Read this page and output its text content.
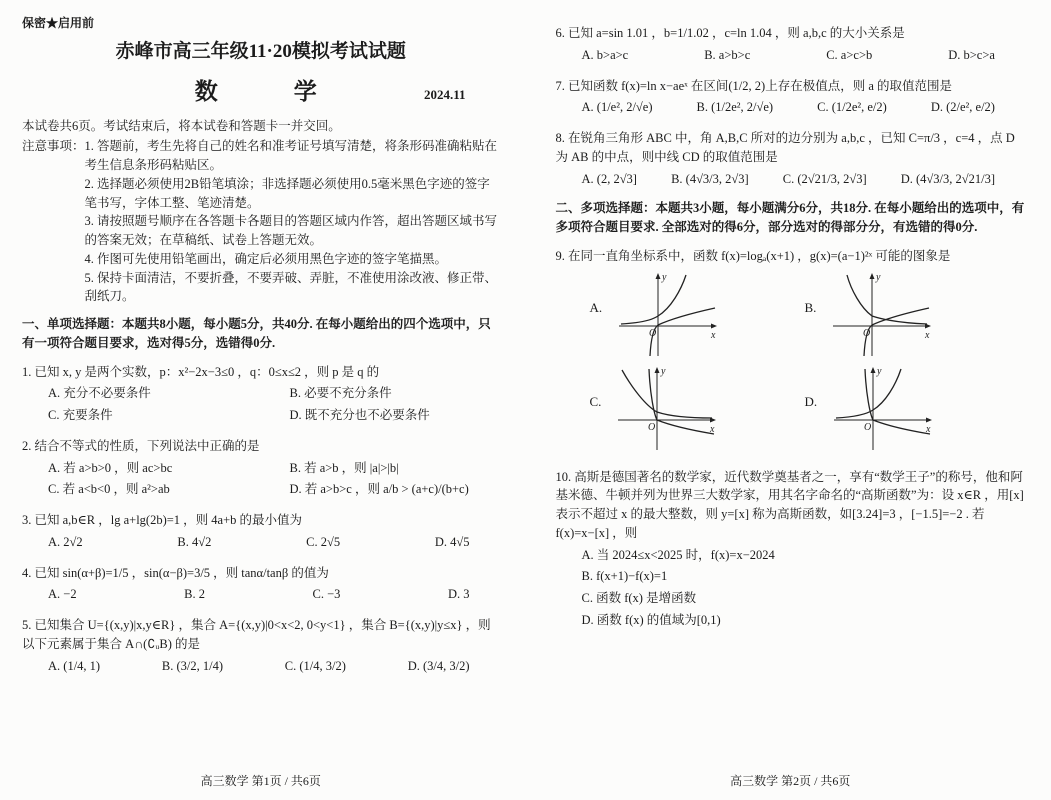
保密★启用前
赤峰市高三年级11·20模拟考试试题
数　　学	2024.11

本试卷共6页。考试结束后，将本试卷和答题卡一并交回。

注意事项： 1. 答题前，考生先将自己的姓名和准考证号填写清楚，将条形码准确粘贴在考生信息条形码粘贴区。

2. 选择题必须使用2B铅笔填涂；非选择题必须使用0.5毫米黑色字迹的签字笔书写，字体工整、笔迹清楚。

3. 请按照题号顺序在各答题卡各题目的答题区域内作答，超出答题区域书写的答案无效；在草稿纸、试卷上答题无效。

4. 作图可先使用铅笔画出，确定后必须用黑色字迹的签字笔描黑。

5. 保持卡面清洁，不要折叠，不要弄破、弄脏，不准使用涂改液、修正带、刮纸刀。

一、单项选择题：本题共8小题，每小题5分，共40分. 在每小题给出的四个选项中，只有一项符合题目要求，选对得5分，选错得0分.

1. 已知 x, y 是两个实数，p：x²−2x−3≤0 ，q：0≤x≤2 ，则 p 是 q 的

A. 充分不必要条件	B. 必要不充分条件
C. 充要条件	D. 既不充分也不必要条件

2. 结合不等式的性质，下列说法中正确的是

A. 若 a>b>0 ，则 ac>bc	B. 若 a>b ，则 |a|>|b|
C. 若 a<b<0 ，则 a²>ab	D. 若 a>b>c ，则 a/b > (a+c)/(b+c)

3. 已知 a,b∈R ，lg a+lg(2b)=1 ，则 4a+b 的最小值为

A. 2√2	B. 4√2	C. 2√5	D. 4√5

4. 已知 sin(α+β)=1/5 ，sin(α−β)=3/5 ，则 tanα/tanβ 的值为

A. −2	B. 2	C. −3	D. 3

5. 已知集合 U={(x,y)|x,y∈R} ，集合 A={(x,y)|0<x<2, 0<y<1} ，集合 B={(x,y)|y≤x} ，则以下元素属于集合 A∩(∁ᵤB) 的是

A. (1/4, 1)	B. (3/2, 1/4)	C. (1/4, 3/2)	D. (3/4, 3/2)
高三数学 第1页 / 共6页

6. 已知 a=sin 1.01 ，b=1/1.02 ，c=ln 1.04 ，则 a,b,c 的大小关系是

A. b>a>c	B. a>b>c	C. a>c>b	D. b>c>a

7. 已知函数 f(x)=ln x−aeˣ 在区间(1/2, 2)上存在极值点，则 a 的取值范围是

A. (1/e², 2/√e)	B. (1/2e², 2/√e)	C. (1/2e², e/2)	D. (2/e², e/2)

8. 在锐角三角形 ABC 中，角 A,B,C 所对的边分别为 a,b,c ，已知 C=π/3 ，c=4 ，点 D 为 AB 的中点，则中线 CD 的取值范围是

A. (2, 2√3]	B. (4√3/3, 2√3]	C. (2√21/3, 2√3]	D. (4√3/3, 2√21/3]

二、多项选择题：本题共3小题，每小题满分6分，共18分. 在每小题给出的选项中，有多项符合题目要求. 全部选对的得6分，部分选对的得部分分，有选错的得0分.

9. 在同一直角坐标系中，函数 f(x)=logₐ(x+1) ，g(x)=(a−1)²ˣ 可能的图象是

A.
y
x
O
B.
y
x
O
C.
y
x
O
D.
y
x
O

10. 高斯是德国著名的数学家，近代数学奠基者之一，享有“数学王子”的称号，他和阿基米德、牛顿并列为世界三大数学家，用其名字命名的“高斯函数”为：设 x∈R ，用[x]表示不超过 x 的最大整数，则 y=[x] 称为高斯函数，如[3.24]=3 ，[−1.5]=−2 . 若 f(x)=x−[x] ，则

A. 当 2024≤x<2025 时，f(x)=x−2024
B. f(x+1)−f(x)=1
C. 函数 f(x) 是增函数
D. 函数 f(x) 的值域为[0,1)
高三数学 第2页 / 共6页
